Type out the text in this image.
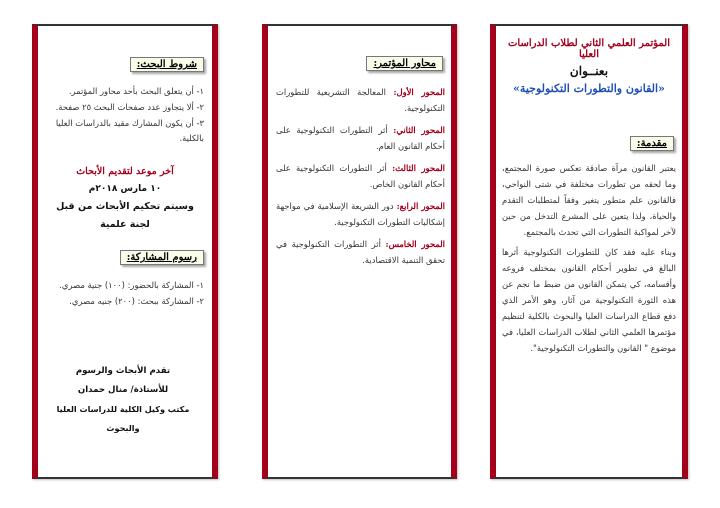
شروط البحث:
١- أن يتعلق البحث بأحد محاور المؤتمر.
٢- ألا يتجاوز عدد صفحات البحث ٢٥ صفحة.
٣- أن يكون المشارك مقيد بالدراسات العليا بالكلية.
آخر موعد لتقديم الأبحاث
١٠ مارس ٢٠١٨م
وسيتم تحكيم الأبحاث من قبل لجنة علمية
رسوم المشاركة:
١- المشاركة بالحضور: (١٠٠) جنية مصري.
٢- المشاركة ببحث: (٢٠٠) جنيه مصري.
تقدم الأبحاث والرسوم
للأستاذة/ منال حمدان
مكتب وكيل الكلية للدراسات العليا والبحوث
محاور المؤتمر:
المحور الأول: المعالجة التشريعية للتطورات التكنولوجية.
المحور الثاني: أثر التطورات التكنولوجية على أحكام القانون العام.
المحور الثالث: أثر التطورات التكنولوجية على أحكام القانون الخاص.
المحور الرابع: دور الشريعة الإسلامية في مواجهة إشكاليات التطورات التكنولوجية.
المحور الخامس: أثر التطورات التكنولوجية في تحقق التنمية الاقتصادية.
المؤتمر العلمي الثاني لطلاب الدراسات العليا
بعنــوان
«القانون والتطورات التكنولوجية»
مقدمة:

يعتبر القانون مرآة صادقة تعكس صورة المجتمع، وما لحقه من تطورات مختلفة في شتى النواحي، فالقانون علم متطور يتغير وفقاً لمتطلبات التقدم والحياة، ولذا يتعين على المشرع التدخل من حين لآخر لمواكبة التطورات التي تحدث بالمجتمع.

وبناء عليه فقد كان للتطورات التكنولوجية أثرها البالغ في تطوير أحكام القانون بمختلف فروعه وأقسامه، كي يتمكن القانون من ضبط ما نجم عن هذه الثورة التكنولوجية من آثار، وهو الأمر الذي دفع قطاع الدراسات العليا والبحوث بالكلية لتنظيم مؤتمرها العلمي الثاني لطلاب الدراسات العليا، في موضوع " القانون والتطورات التكنولوجية".
